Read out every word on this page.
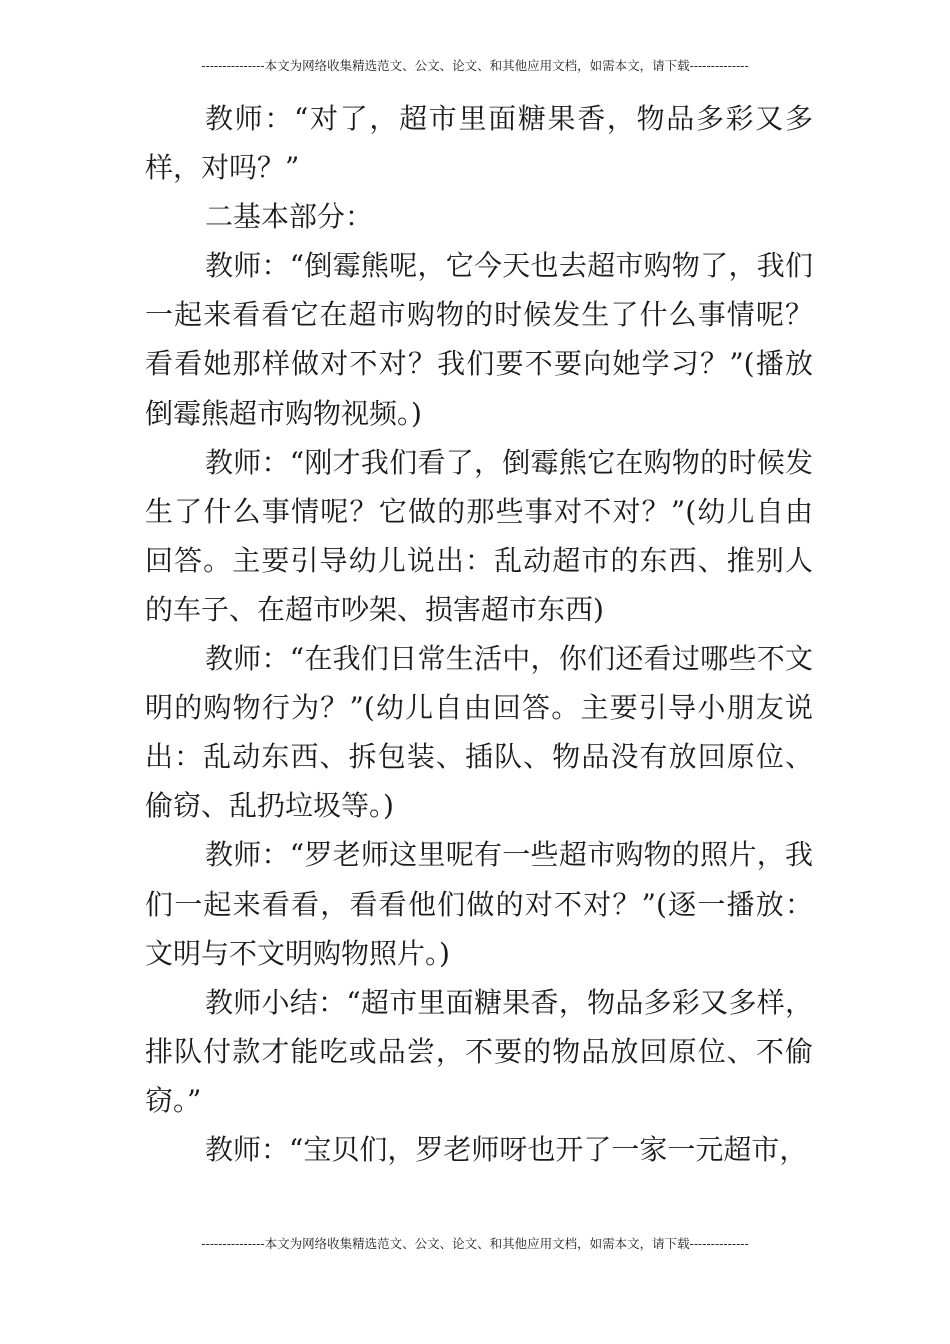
---------------本文为网络收集精选范文、公文、论文、和其他应用文档，如需本文，请下载--------------

教师：“对了，超市里面糖果香，物品多彩又多样，对吗？”

二基本部分：

教师：“倒霉熊呢，它今天也去超市购物了，我们一起来看看它在超市购物的时候发生了什么事情呢？看看她那样做对不对？我们要不要向她学习？”(播放倒霉熊超市购物视频。)

教师：“刚才我们看了，倒霉熊它在购物的时候发生了什么事情呢？它做的那些事对不对？”(幼儿自由回答。主要引导幼儿说出：乱动超市的东西、推别人的车子、在超市吵架、损害超市东西)

教师：“在我们日常生活中，你们还看过哪些不文明的购物行为？”(幼儿自由回答。主要引导小朋友说出：乱动东西、拆包装、插队、物品没有放回原位、偷窃、乱扔垃圾等。)

教师：“罗老师这里呢有一些超市购物的照片，我们一起来看看，看看他们做的对不对？”(逐一播放：文明与不文明购物照片。)

教师小结：“超市里面糖果香，物品多彩又多样，排队付款才能吃或品尝，不要的物品放回原位、不偷窃。”

教师：“宝贝们，罗老师呀也开了一家一元超市，

---------------本文为网络收集精选范文、公文、论文、和其他应用文档，如需本文，请下载--------------
